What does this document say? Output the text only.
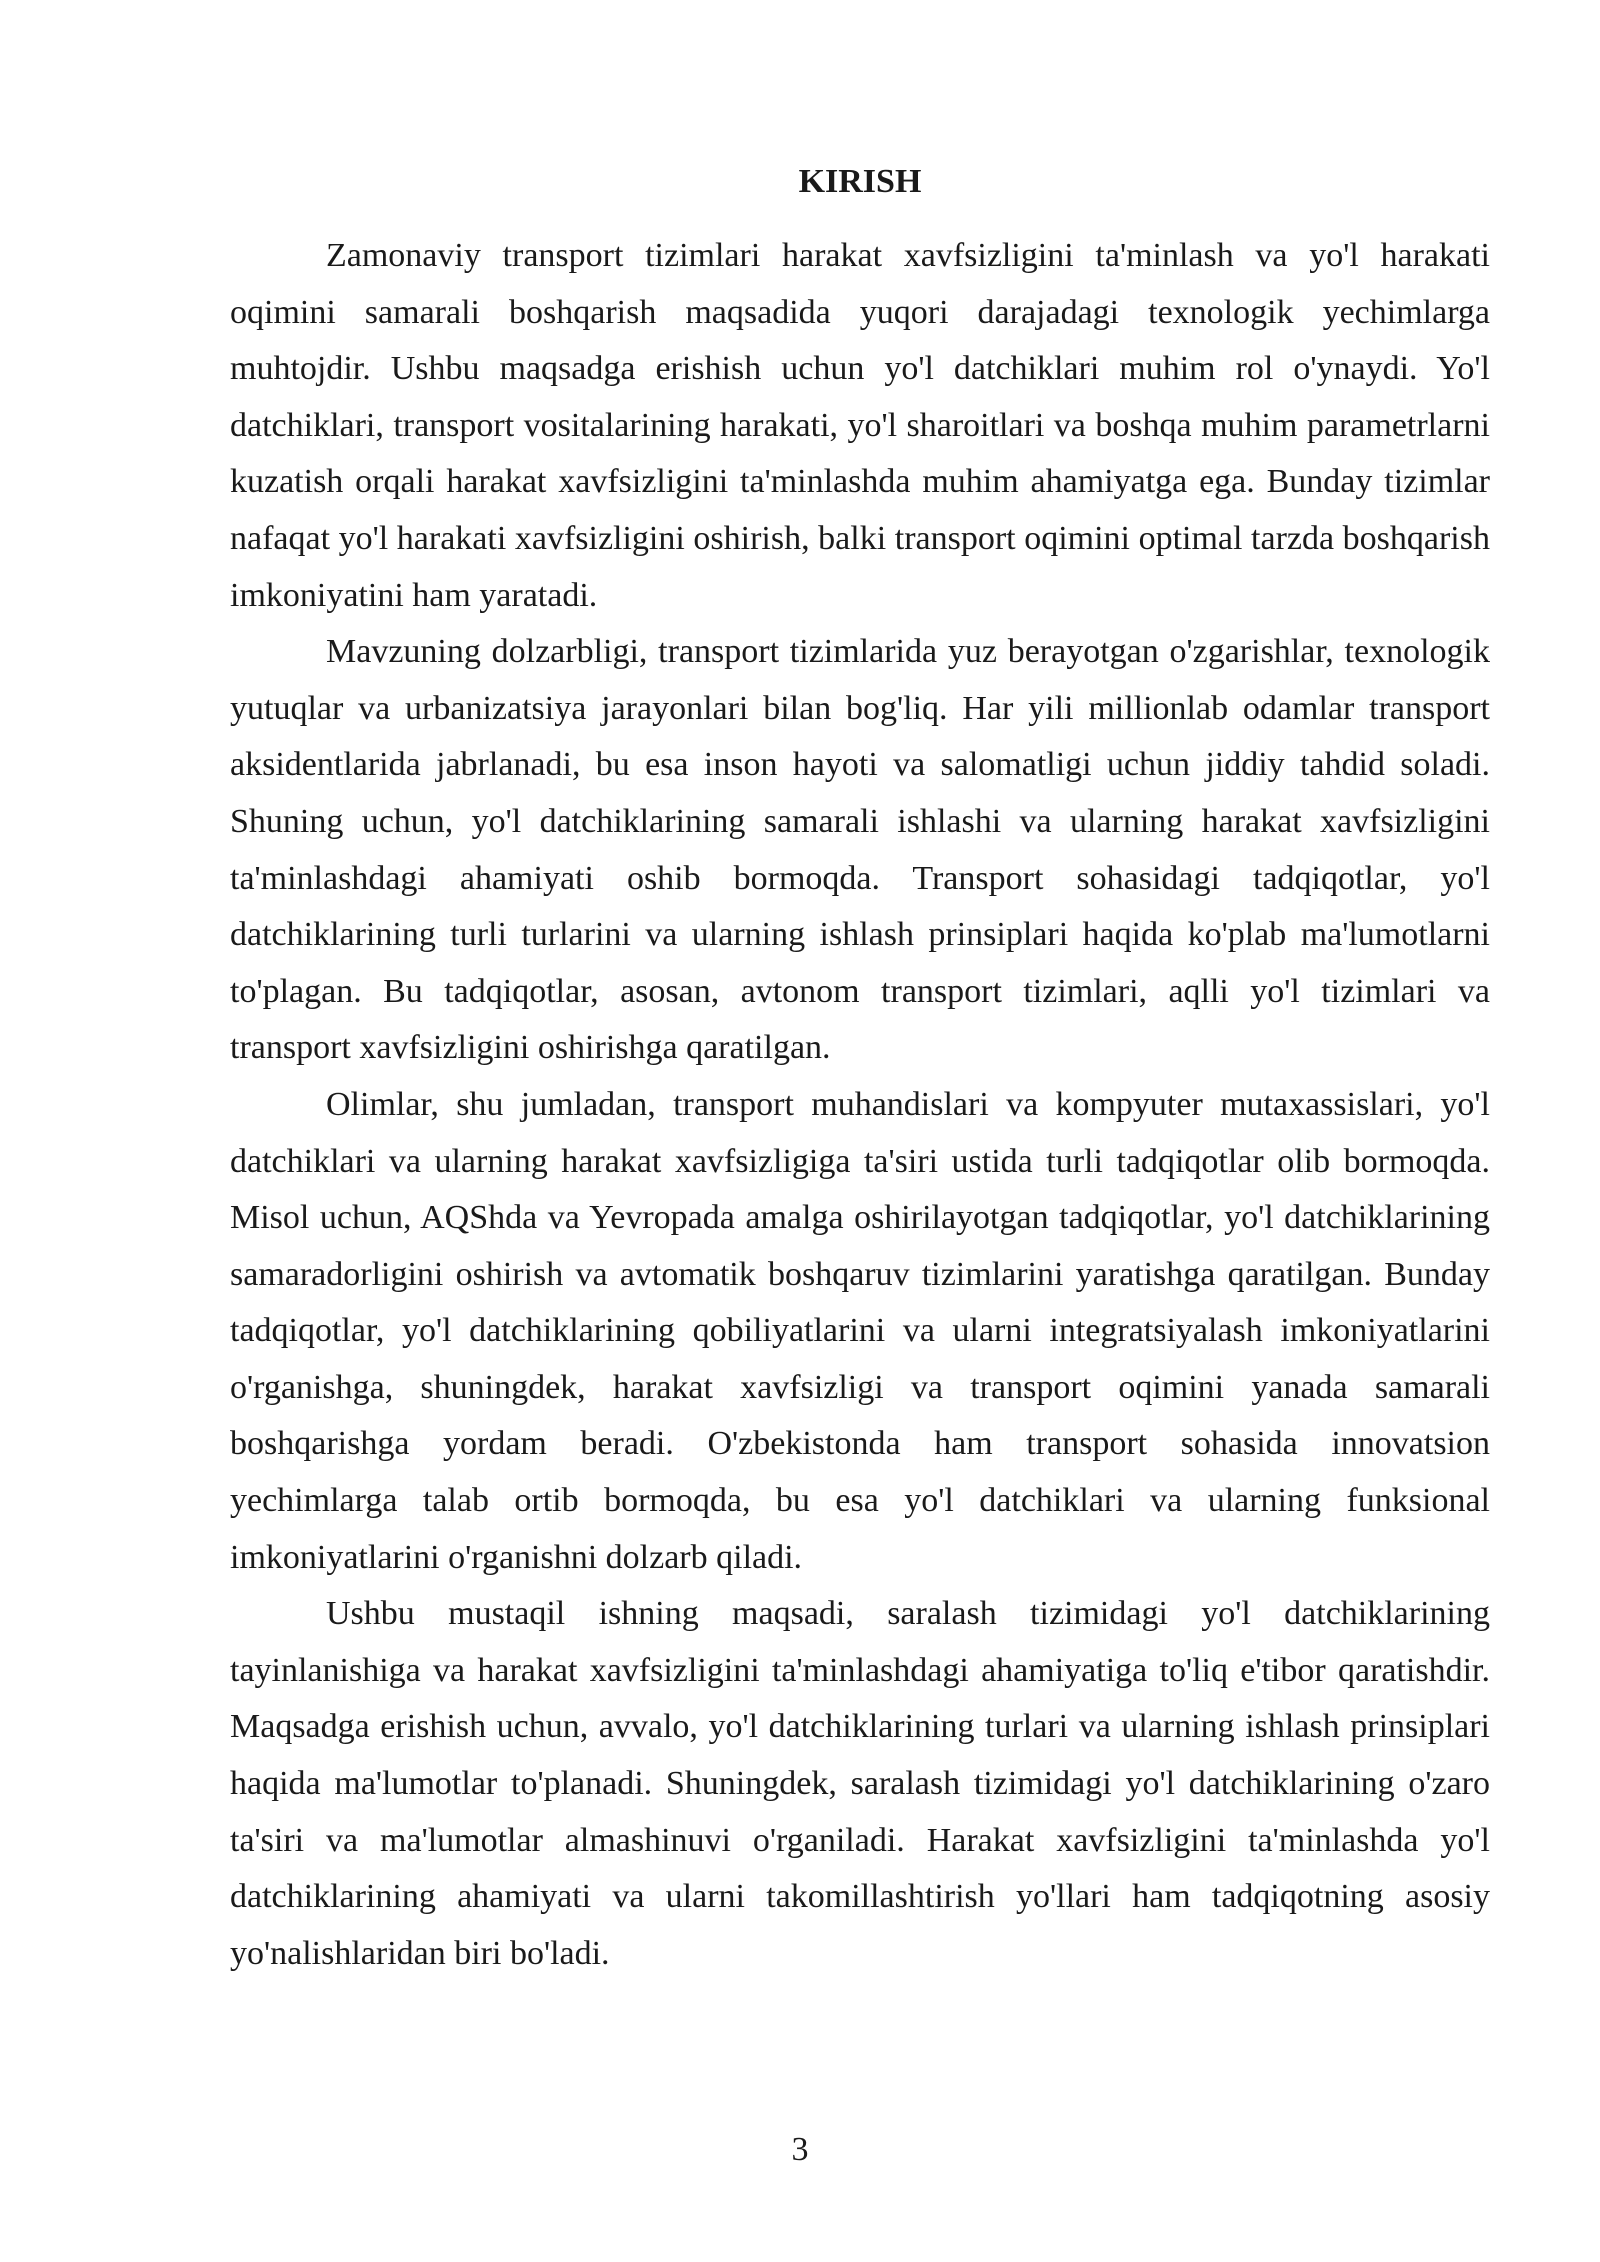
KIRISH

Zamonaviy transport tizimlari harakat xavfsizligini ta'minlash va yo'l harakati oqimini samarali boshqarish maqsadida yuqori darajadagi texnologik yechimlarga muhtojdir. Ushbu maqsadga erishish uchun yo'l datchiklari muhim rol o'ynaydi. Yo'l datchiklari, transport vositalarining harakati, yo'l sharoitlari va boshqa muhim parametrlarni kuzatish orqali harakat xavfsizligini ta'minlashda muhim ahamiyatga ega. Bunday tizimlar nafaqat yo'l harakati xavfsizligini oshirish, balki transport oqimini optimal tarzda boshqarish imkoniyatini ham yaratadi.

Mavzuning dolzarbligi, transport tizimlarida yuz berayotgan o'zgarishlar, texnologik yutuqlar va urbanizatsiya jarayonlari bilan bog'liq. Har yili millionlab odamlar transport aksidentlarida jabrlanadi, bu esa inson hayoti va salomatligi uchun jiddiy tahdid soladi. Shuning uchun, yo'l datchiklarining samarali ishlashi va ularning harakat xavfsizligini ta'minlashdagi ahamiyati oshib bormoqda. Transport sohasidagi tadqiqotlar, yo'l datchiklarining turli turlarini va ularning ishlash prinsiplari haqida ko'plab ma'lumotlarni to'plagan. Bu tadqiqotlar, asosan, avtonom transport tizimlari, aqlli yo'l tizimlari va transport xavfsizligini oshirishga qaratilgan.

Olimlar, shu jumladan, transport muhandislari va kompyuter mutaxassislari, yo'l datchiklari va ularning harakat xavfsizligiga ta'siri ustida turli tadqiqotlar olib bormoqda. Misol uchun, AQShda va Yevropada amalga oshirilayotgan tadqiqotlar, yo'l datchiklarining samaradorligini oshirish va avtomatik boshqaruv tizimlarini yaratishga qaratilgan. Bunday tadqiqotlar, yo'l datchiklarining qobiliyatlarini va ularni integratsiyalash imkoniyatlarini o'rganishga, shuningdek, harakat xavfsizligi va transport oqimini yanada samarali boshqarishga yordam beradi. O'zbekistonda ham transport sohasida innovatsion yechimlarga talab ortib bormoqda, bu esa yo'l datchiklari va ularning funksional imkoniyatlarini o'rganishni dolzarb qiladi.

Ushbu mustaqil ishning maqsadi, saralash tizimidagi yo'l datchiklarining tayinlanishiga va harakat xavfsizligini ta'minlashdagi ahamiyatiga to'liq e'tibor qaratishdir. Maqsadga erishish uchun, avvalo, yo'l datchiklarining turlari va ularning ishlash prinsiplari haqida ma'lumotlar to'planadi. Shuningdek, saralash tizimidagi yo'l datchiklarining o'zaro ta'siri va ma'lumotlar almashinuvi o'rganiladi. Harakat xavfsizligini ta'minlashda yo'l datchiklarining ahamiyati va ularni takomillashtirish yo'llari ham tadqiqotning asosiy yo'nalishlaridan biri bo'ladi.

3
